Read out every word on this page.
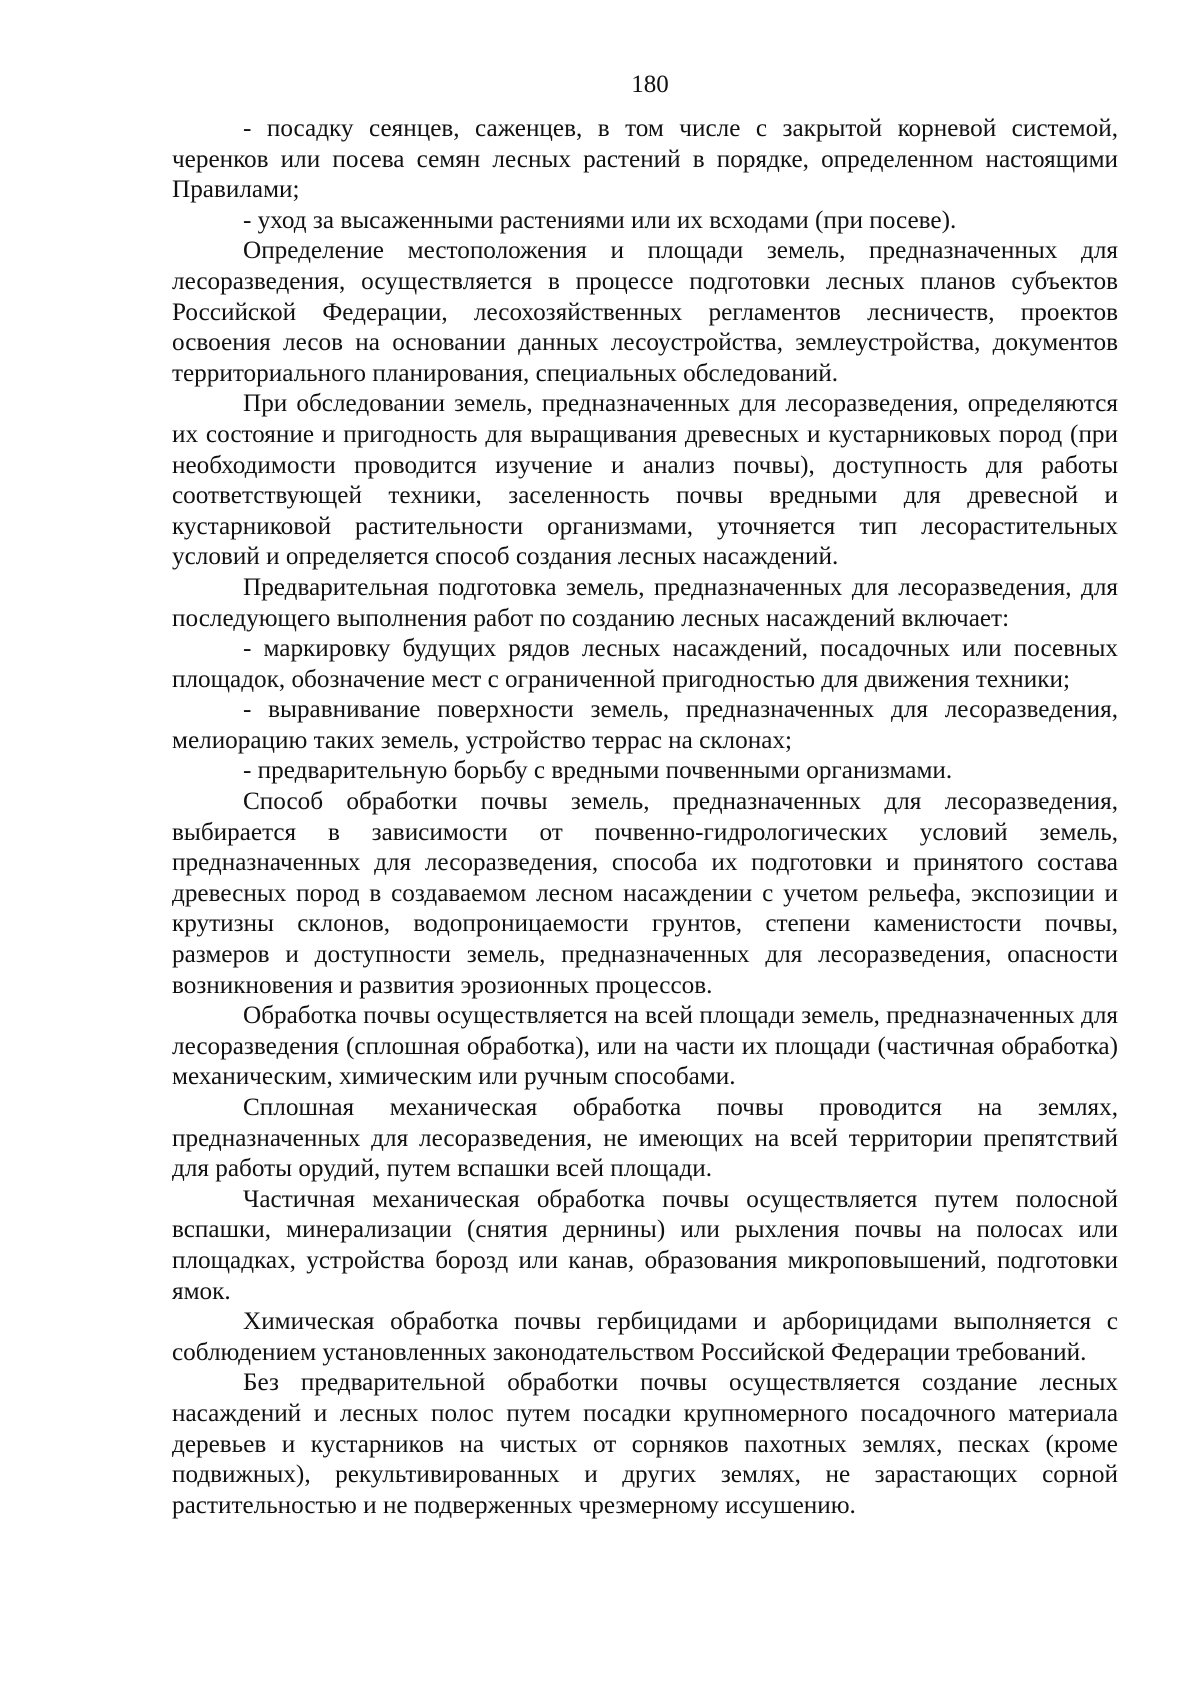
180

- посадку сеянцев, саженцев, в том числе с закрытой корневой системой, черенков или посева семян лесных растений в порядке, определенном настоящими Правилами;

- уход за высаженными растениями или их всходами (при посеве).

Определение местоположения и площади земель, предназначенных для лесоразведения, осуществляется в процессе подготовки лесных планов субъектов Российской Федерации, лесохозяйственных регламентов лесничеств, проектов освоения лесов на основании данных лесоустройства, землеустройства, документов территориального планирования, специальных обследований.

При обследовании земель, предназначенных для лесоразведения, определяются их состояние и пригодность для выращивания древесных и кустарниковых пород (при необходимости проводится изучение и анализ почвы), доступность для работы соответствующей техники, заселенность почвы вредными для древесной и кустарниковой растительности организмами, уточняется тип лесорастительных условий и определяется способ создания лесных насаждений.

Предварительная подготовка земель, предназначенных для лесоразведения, для последующего выполнения работ по созданию лесных насаждений включает:

- маркировку будущих рядов лесных насаждений, посадочных или посевных площадок, обозначение мест с ограниченной пригодностью для движения техники;

- выравнивание поверхности земель, предназначенных для лесоразведения, мелиорацию таких земель, устройство террас на склонах;

- предварительную борьбу с вредными почвенными организмами.

Способ обработки почвы земель, предназначенных для лесоразведения, выбирается в зависимости от почвенно-гидрологических условий земель, предназначенных для лесоразведения, способа их подготовки и принятого состава древесных пород в создаваемом лесном насаждении с учетом рельефа, экспозиции и крутизны склонов, водопроницаемости грунтов, степени каменистости почвы, размеров и доступности земель, предназначенных для лесоразведения, опасности возникновения и развития эрозионных процессов.

Обработка почвы осуществляется на всей площади земель, предназначенных для лесоразведения (сплошная обработка), или на части их площади (частичная обработка) механическим, химическим или ручным способами.

Сплошная механическая обработка почвы проводится на землях, предназначенных для лесоразведения, не имеющих на всей территории препятствий для работы орудий, путем вспашки всей площади.

Частичная механическая обработка почвы осуществляется путем полосной вспашки, минерализации (снятия дернины) или рыхления почвы на полосах или площадках, устройства борозд или канав, образования микроповышений, подготовки ямок.

Химическая обработка почвы гербицидами и арборицидами выполняется с соблюдением установленных законодательством Российской Федерации требований.

Без предварительной обработки почвы осуществляется создание лесных насаждений и лесных полос путем посадки крупномерного посадочного материала деревьев и кустарников на чистых от сорняков пахотных землях, песках (кроме подвижных), рекультивированных и других землях, не зарастающих сорной растительностью и не подверженных чрезмерному иссушению.
